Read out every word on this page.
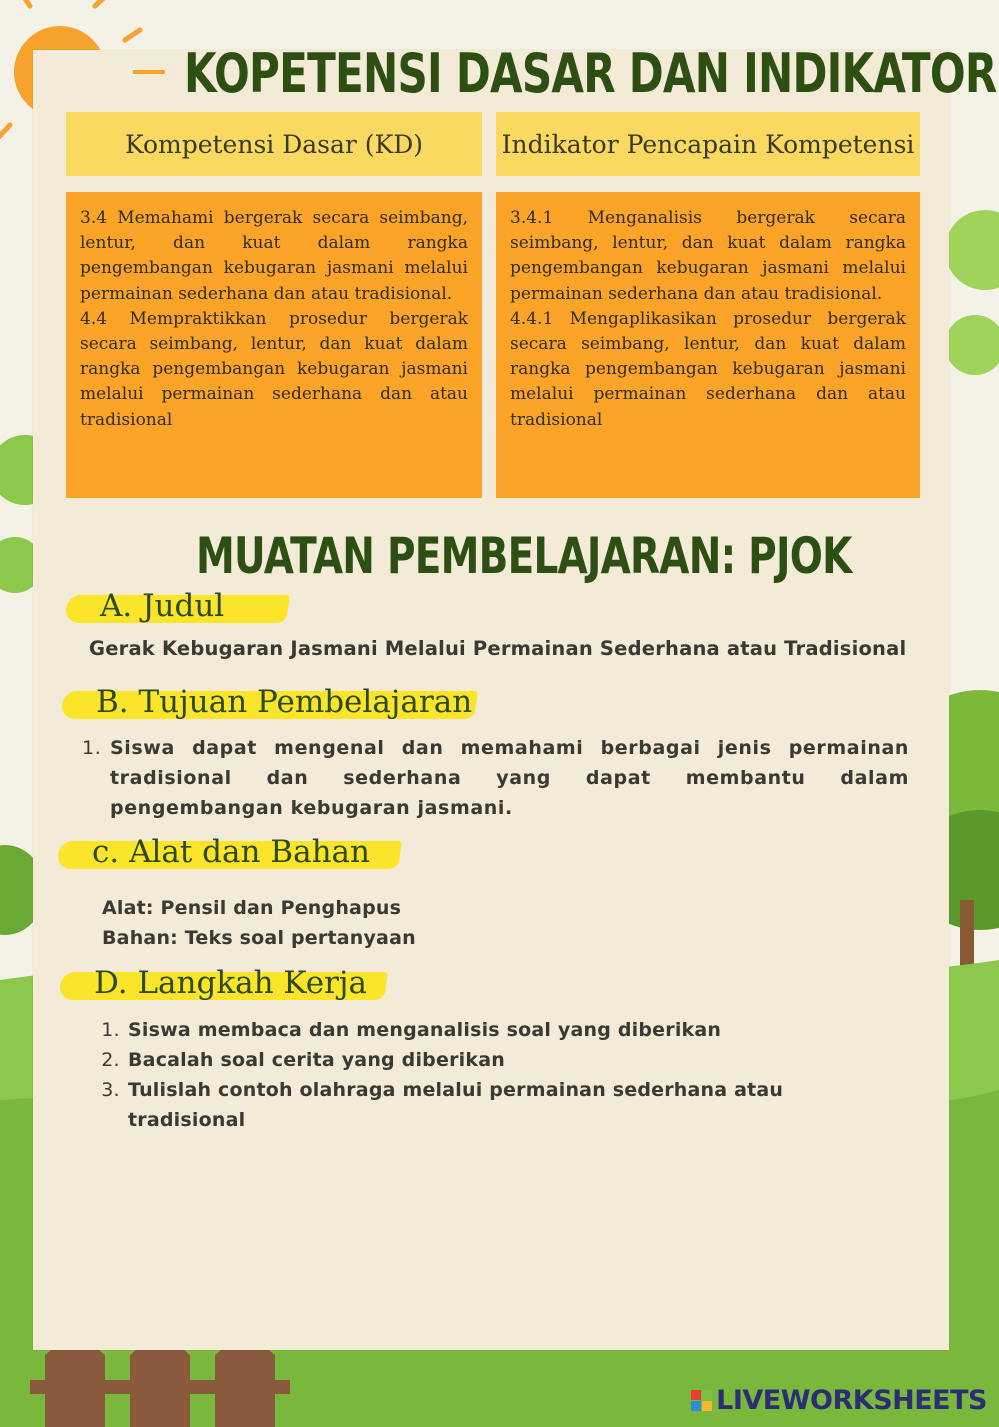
KOPETENSI DASAR DAN INDIKATOR
Kompetensi Dasar (KD)	Indikator Pencapain Kompetensi

3.4 Memahami bergerak secara seimbang, lentur, dan kuat dalam rangka pengembangan kebugaran jasmani melalui permainan sederhana dan atau tradisional.

4.4 Mempraktikkan prosedur bergerak secara seimbang, lentur, dan kuat dalam rangka pengembangan kebugaran jasmani melalui permainan sederhana dan atau tradisional

3.4.1 Menganalisis bergerak secara seimbang, lentur, dan kuat dalam rangka pengembangan kebugaran jasmani melalui permainan sederhana dan atau tradisional.

4.4.1 Mengaplikasikan prosedur bergerak secara seimbang, lentur, dan kuat dalam rangka pengembangan kebugaran jasmani melalui permainan sederhana dan atau tradisional

MUATAN PEMBELAJARAN: PJOK
A. Judul
Gerak Kebugaran Jasmani Melalui Permainan Sederhana atau Tradisional
B. Tujuan Pembelajaran
1. Siswa dapat mengenal dan memahami berbagai jenis permainan tradisional dan sederhana yang dapat membantu dalam pengembangan kebugaran jasmani.
c. Alat dan Bahan
Alat: Pensil dan Penghapus
Bahan: Teks soal pertanyaan
D. Langkah Kerja
1. Siswa membaca dan menganalisis soal yang diberikan
2. Bacalah soal cerita yang diberikan
3. Tulislah contoh olahraga melalui permainan sederhana atau tradisional
LIVEWORKSHEETS
